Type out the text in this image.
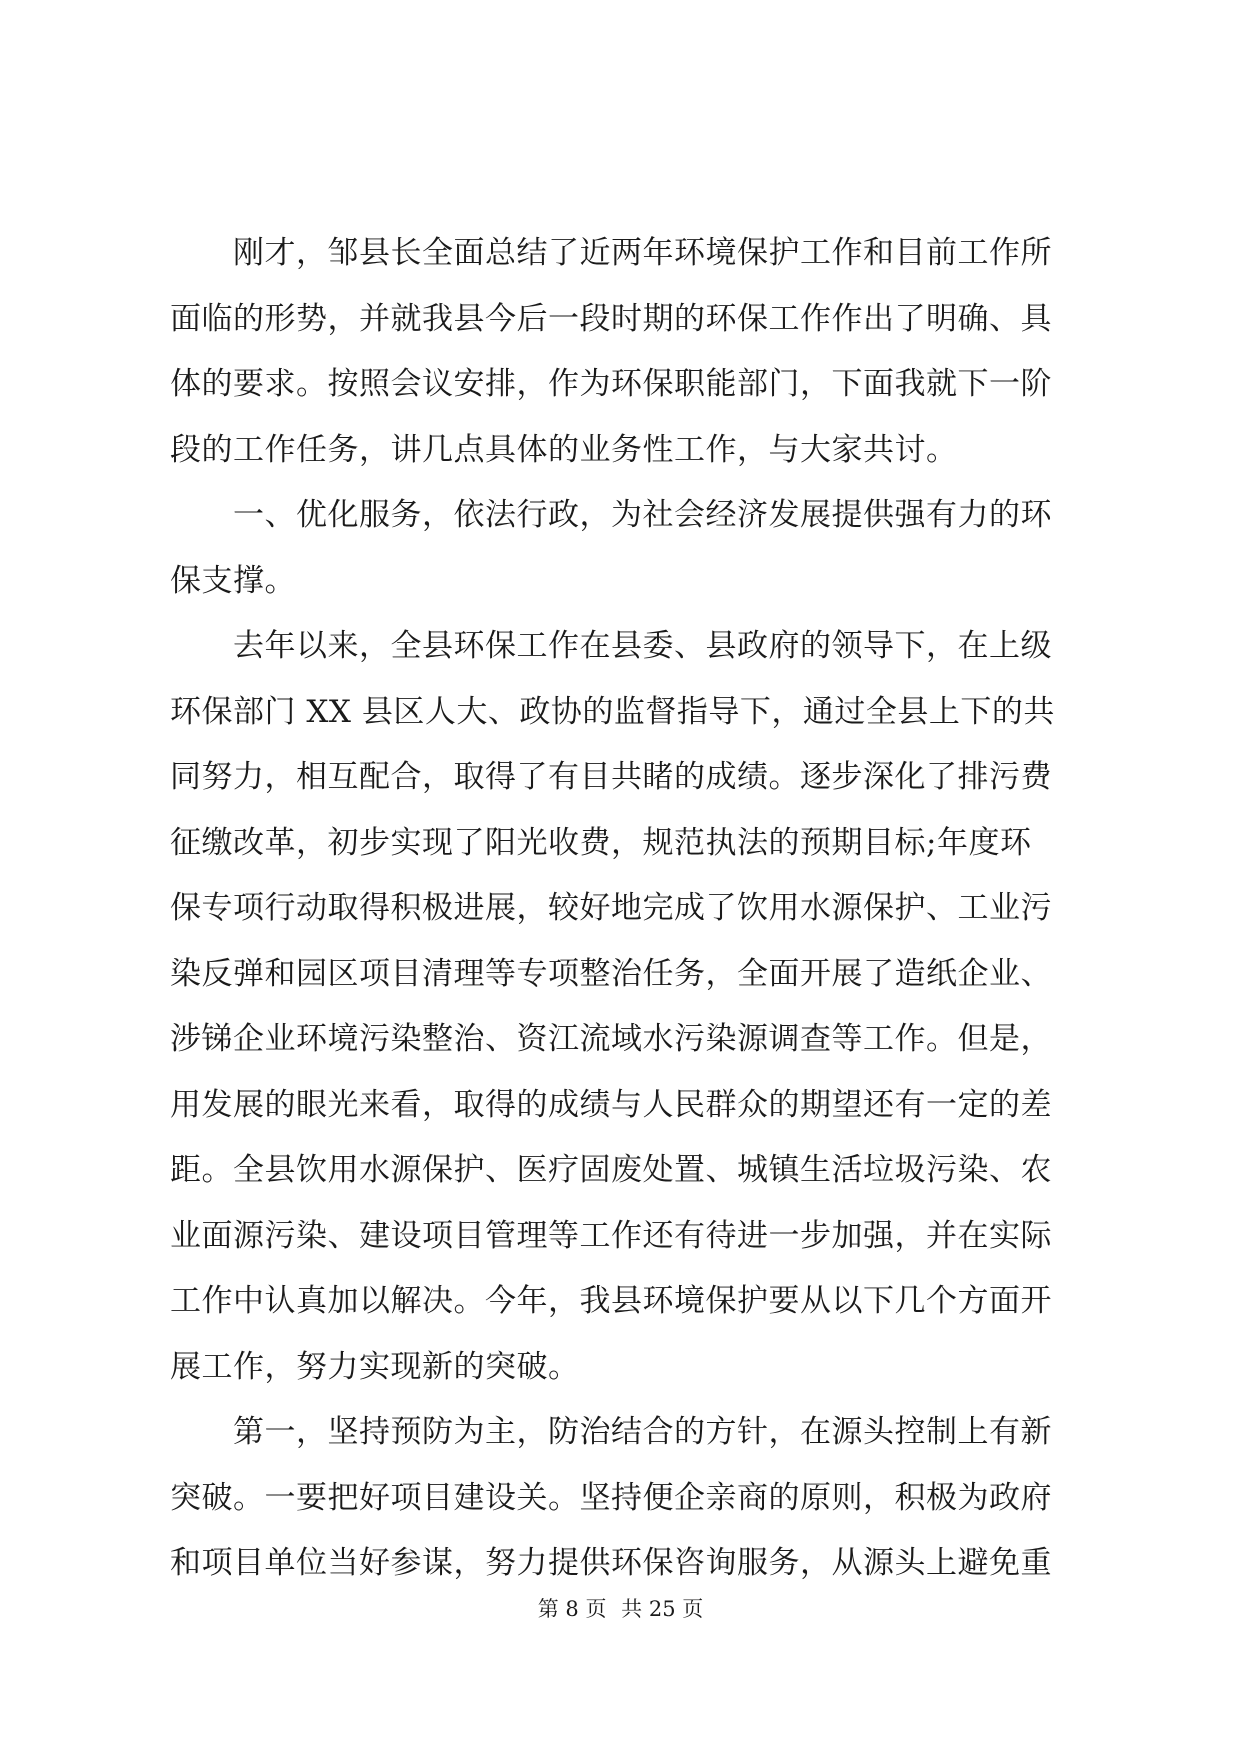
　　刚才，邹县长全面总结了近两年环境保护工作和目前工作所
面临的形势，并就我县今后一段时期的环保工作作出了明确、具
体的要求。按照会议安排，作为环保职能部门，下面我就下一阶
段的工作任务，讲几点具体的业务性工作，与大家共讨。
　　一、优化服务，依法行政，为社会经济发展提供强有力的环
保支撑。
　　去年以来，全县环保工作在县委、县政府的领导下，在上级
环保部门 XX 县区人大、政协的监督指导下，通过全县上下的共
同努力，相互配合，取得了有目共睹的成绩。逐步深化了排污费
征缴改革，初步实现了阳光收费，规范执法的预期目标;年度环
保专项行动取得积极进展，较好地完成了饮用水源保护、工业污
染反弹和园区项目清理等专项整治任务，全面开展了造纸企业、
涉锑企业环境污染整治、资江流域水污染源调查等工作。但是，
用发展的眼光来看，取得的成绩与人民群众的期望还有一定的差
距。全县饮用水源保护、医疗固废处置、城镇生活垃圾污染、农
业面源污染、建设项目管理等工作还有待进一步加强，并在实际
工作中认真加以解决。今年，我县环境保护要从以下几个方面开
展工作，努力实现新的突破。
　　第一，坚持预防为主，防治结合的方针，在源头控制上有新
突破。一要把好项目建设关。坚持便企亲商的原则，积极为政府
和项目单位当好参谋，努力提供环保咨询服务，从源头上避免重
第 8 页 共 25 页
